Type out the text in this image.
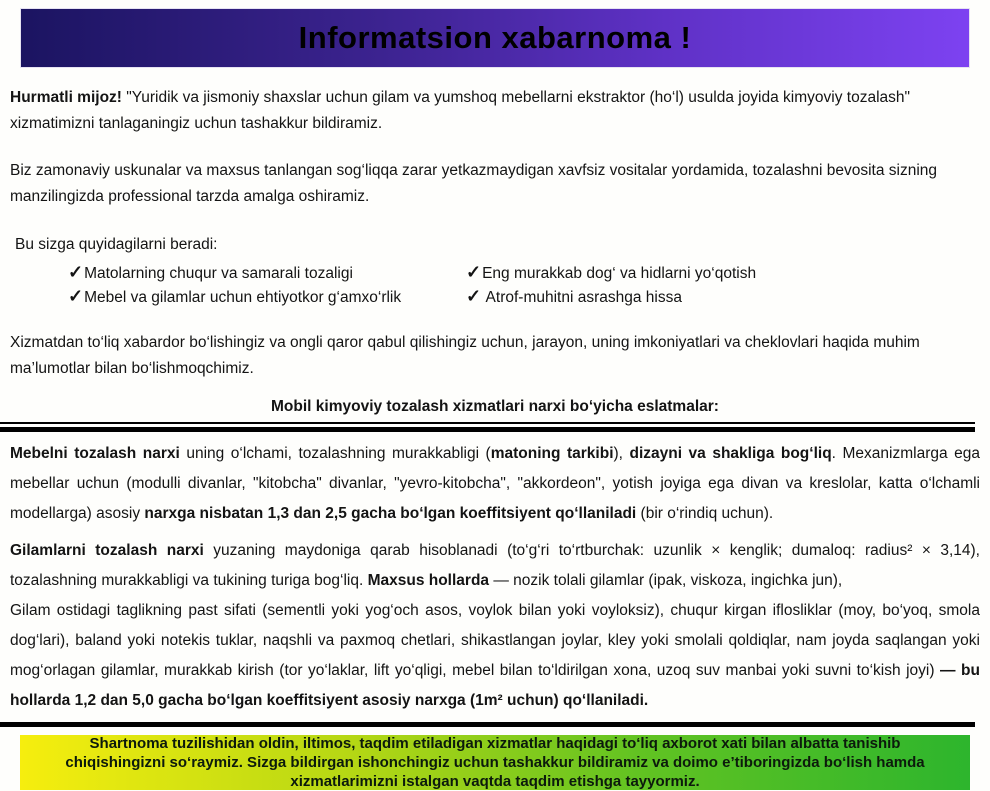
Informatsion xabarnoma !

Hurmatli mijoz! "Yuridik va jismoniy shaxslar uchun gilam va yumshoq mebellarni ekstraktor (ho‘l) usulda joyida kimyoviy tozalash" xizmatimizni tanlaganingiz uchun tashakkur bildiramiz.

Biz zamonaviy uskunalar va maxsus tanlangan sog‘liqqa zarar yetkazmaydigan xavfsiz vositalar yordamida, tozalashni bevosita sizning manzilingizda professional tarzda amalga oshiramiz.

Bu sizga quyidagilarni beradi:

✓Matolarning chuqur va samarali tozaligi	✓Eng murakkab dog‘ va hidlarni yo‘qotish
✓Mebel va gilamlar uchun ehtiyotkor g‘amxo‘rlik	✓ Atrof-muhitni asrashga hissa

Xizmatdan to‘liq xabardor bo‘lishingiz va ongli qaror qabul qilishingiz uchun, jarayon, uning imkoniyatlari va cheklovlari haqida muhim ma’lumotlar bilan bo‘lishmoqchimiz.

Mobil kimyoviy tozalash xizmatlari narxi bo‘yicha eslatmalar:

Mebelni tozalash narxi uning o‘lchami, tozalashning murakkabligi (matoning tarkibi), dizayni va shakliga bog‘liq. Mexanizmlarga ega mebellar uchun (modulli divanlar, "kitobcha" divanlar, "yevro-kitobcha", "akkordeon", yotish joyiga ega divan va kreslolar, katta o‘lchamli modellarga) asosiy narxga nisbatan 1,3 dan 2,5 gacha bo‘lgan koeffitsiyent qo‘llaniladi (bir o‘rindiq uchun).

Gilamlarni tozalash narxi yuzaning maydoniga qarab hisoblanadi (to‘g‘ri to‘rtburchak: uzunlik × kenglik; dumaloq: radius² × 3,14), tozalashning murakkabligi va tukining turiga bog‘liq. Maxsus hollarda — nozik tolali gilamlar (ipak, viskoza, ingichka jun),

Gilam ostidagi taglikning past sifati (sementli yoki yog‘och asos, voylok bilan yoki voyloksiz), chuqur kirgan iflosliklar (moy, bo‘yoq, smola dog‘lari), baland yoki notekis tuklar, naqshli va paxmoq chetlari, shikastlangan joylar, kley yoki smolali qoldiqlar, nam joyda saqlangan yoki mog‘orlagan gilamlar, murakkab kirish (tor yo‘laklar, lift yo‘qligi, mebel bilan to‘ldirilgan xona, uzoq suv manbai yoki suvni to‘kish joyi) — bu hollarda 1,2 dan 5,0 gacha bo‘lgan koeffitsiyent asosiy narxga (1m² uchun) qo‘llaniladi.

Shartnoma tuzilishidan oldin, iltimos, taqdim etiladigan xizmatlar haqidagi to‘liq axborot xati bilan albatta tanishib chiqishingizni so‘raymiz. Sizga bildirgan ishonchingiz uchun tashakkur bildiramiz va doimo e’tiboringizda bo‘lish hamda xizmatlarimizni istalgan vaqtda taqdim etishga tayyormiz.
